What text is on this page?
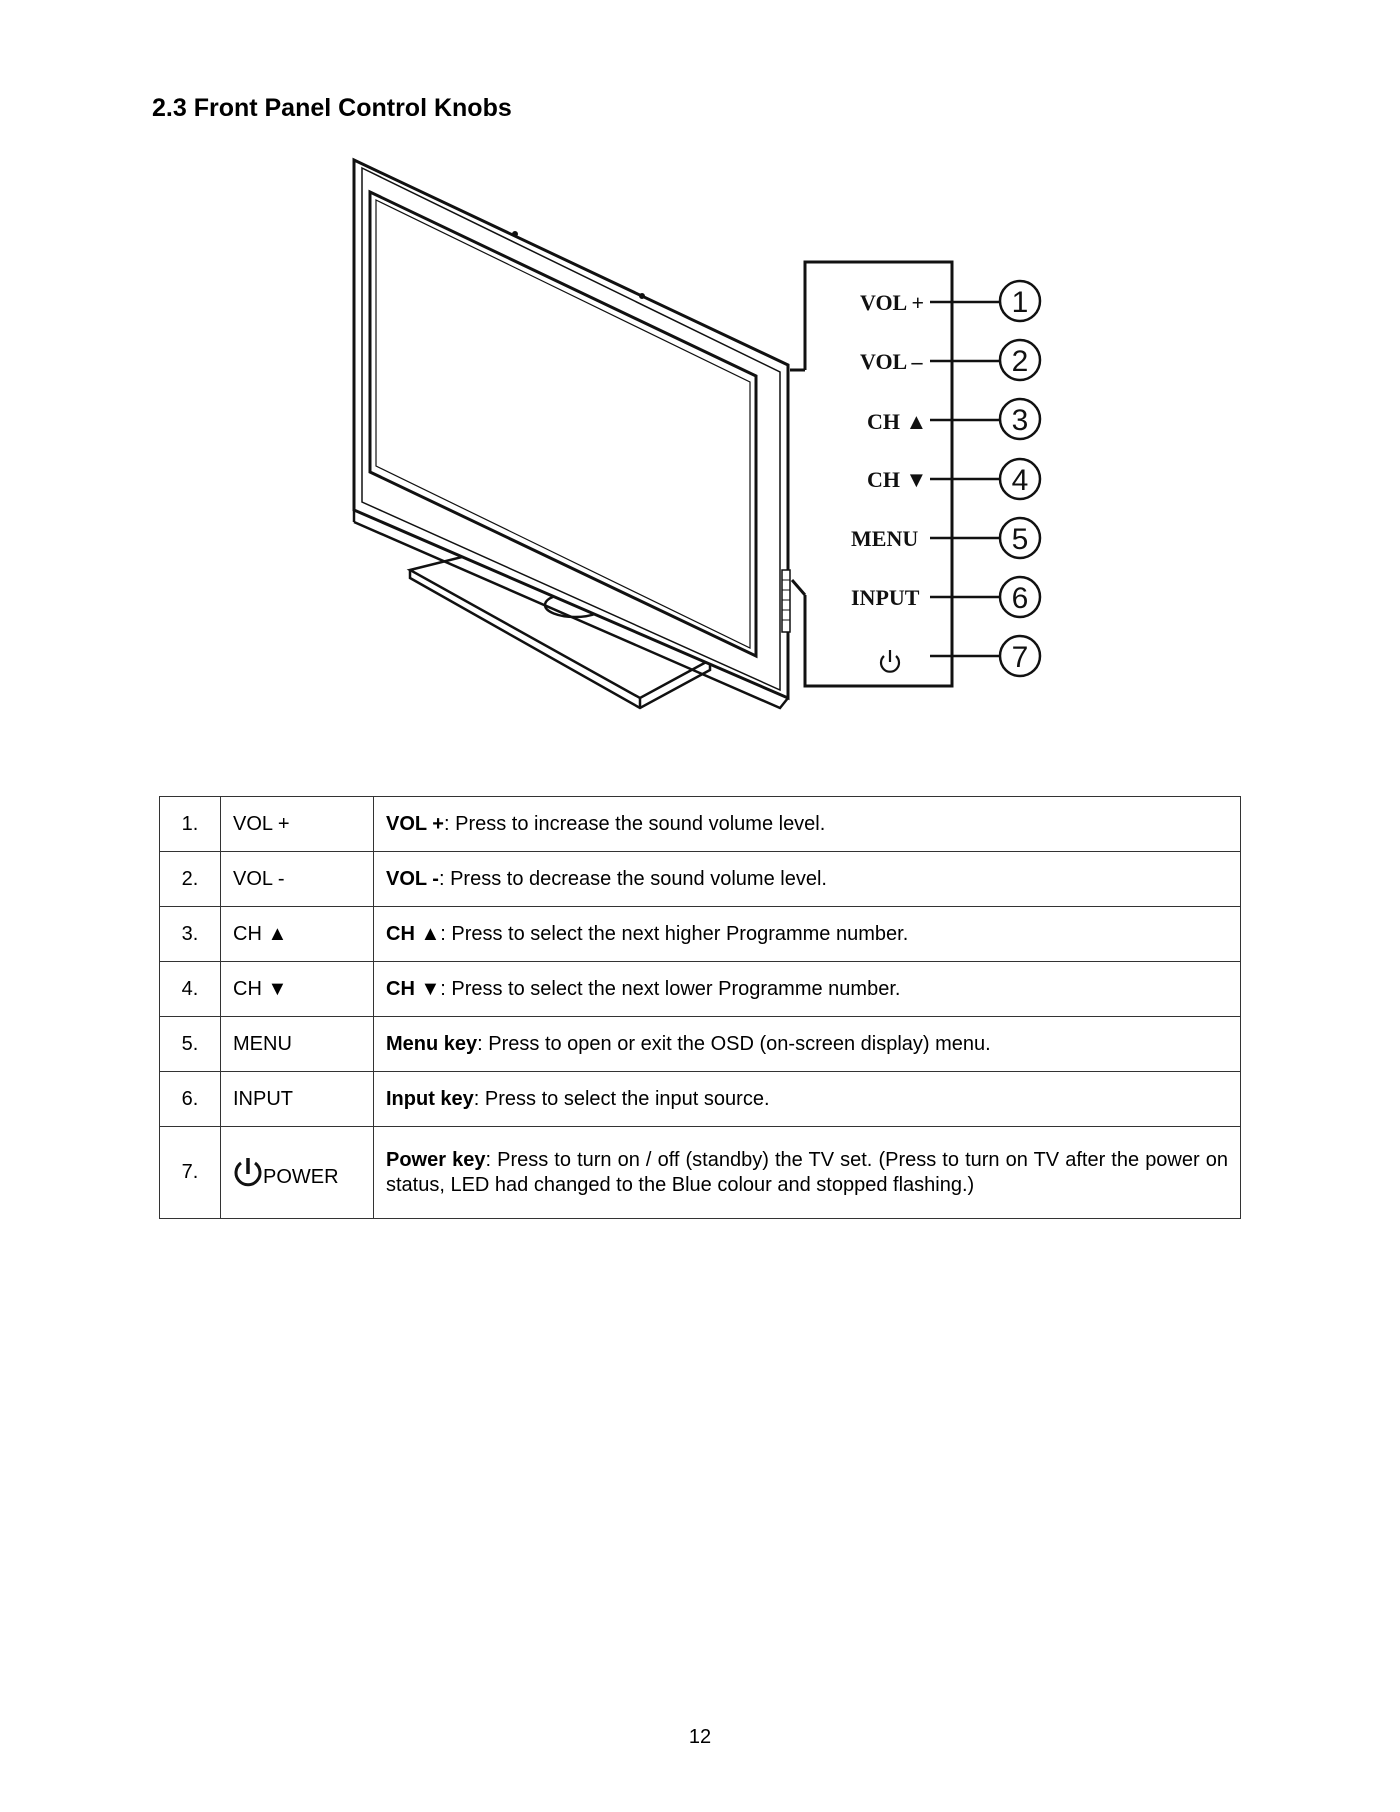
2.3 Front Panel Control Knobs
VOL +
VOL –
CH ▲
CH ▼
MENU
INPUT
1
2
3
4
5
6
7
1.	VOL +	VOL +: Press to increase the sound volume level.
2.	VOL -	VOL -: Press to decrease the sound volume level.
3.	CH ▲	CH ▲: Press to select the next higher Programme number.
4.	CH ▼	CH ▼: Press to select the next lower Programme number.
5.	MENU	Menu key: Press to open or exit the OSD (on-screen display) menu.
6.	INPUT	Input key: Press to select the input source.
7.	POWER	Power key: Press to turn on / off (standby) the TV set. (Press to turn on TV after the power on status, LED had changed to the Blue colour and stopped flashing.)
12
